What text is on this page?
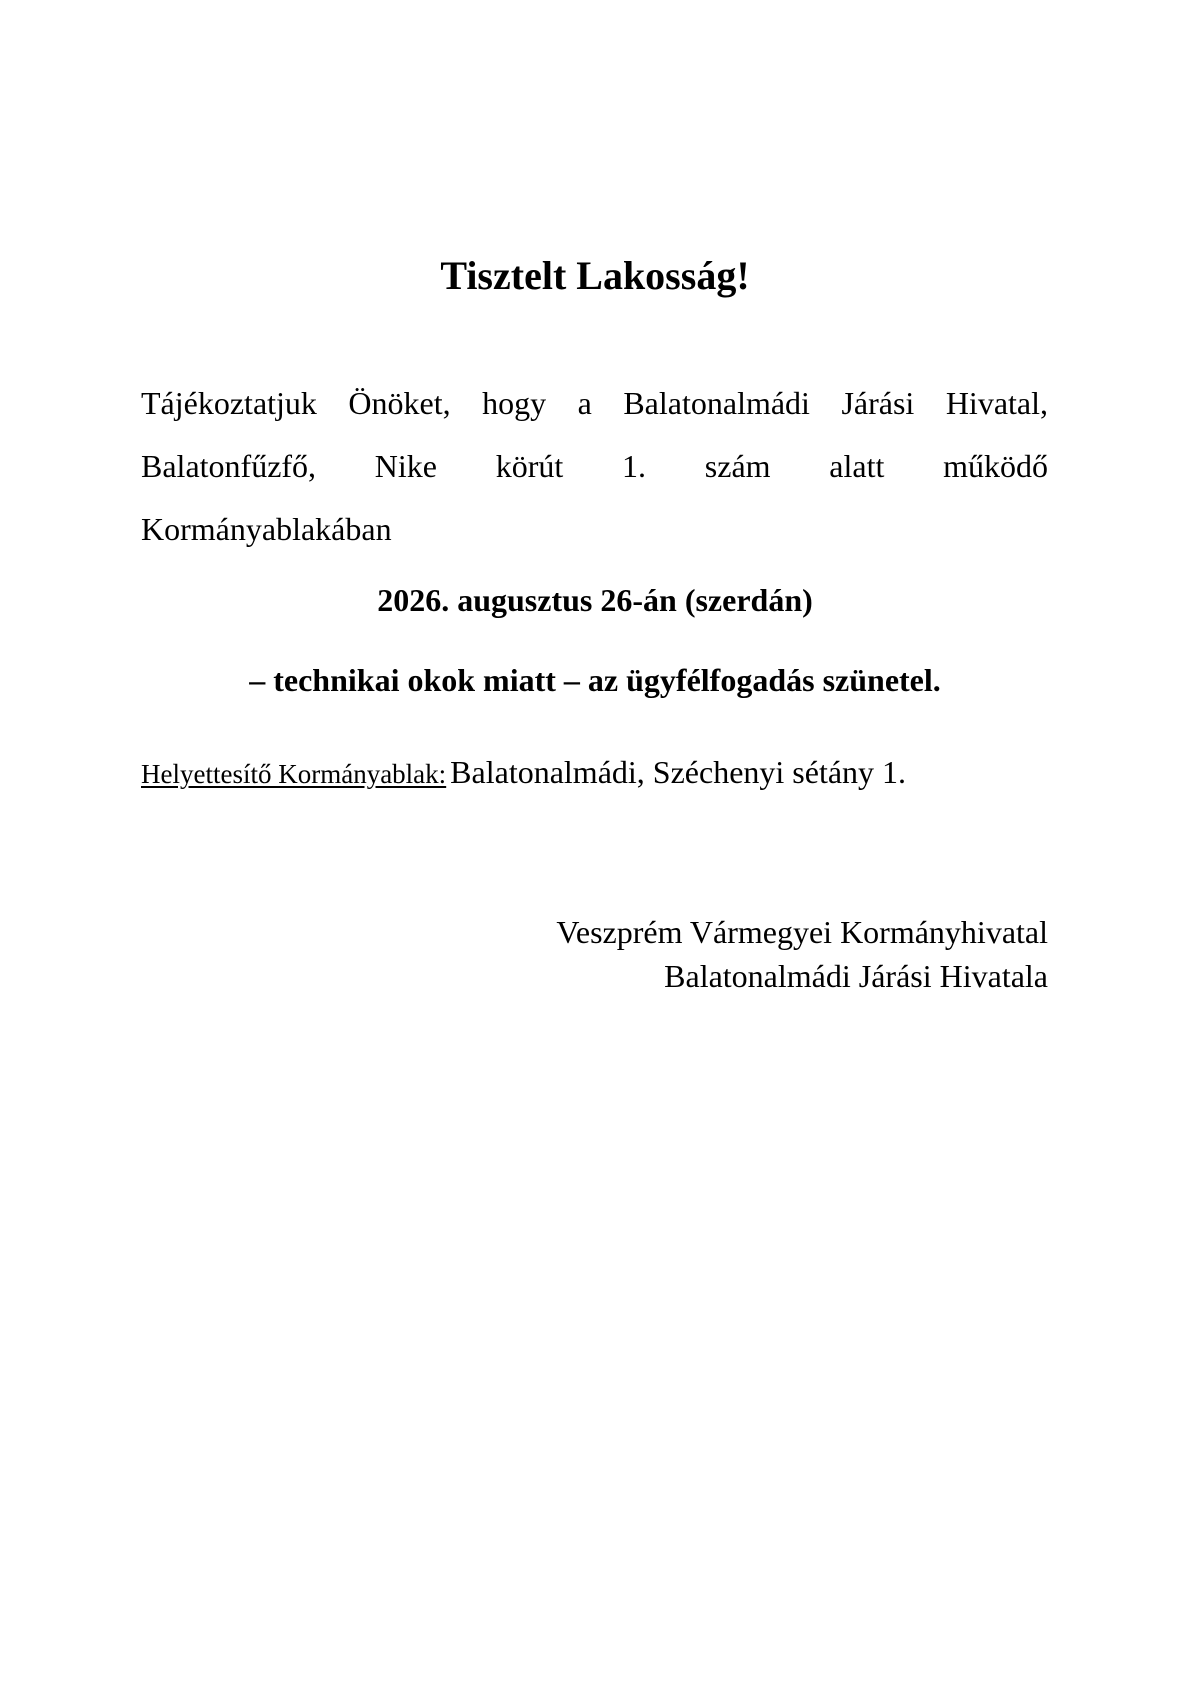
Tisztelt Lakosság!

Tájékoztatjuk Önöket, hogy a Balatonalmádi Járási Hivatal,
Balatonfűzfő, Nike körút 1. szám alatt működő
Kormányablakában

2026. augusztus 26-án (szerdán)
– technikai okok miatt – az ügyfélfogadás szünetel.
Helyettesítő Kormányablak: Balatonalmádi, Széchenyi sétány 1.
Veszprém Vármegyei Kormányhivatal
Balatonalmádi Járási Hivatala
